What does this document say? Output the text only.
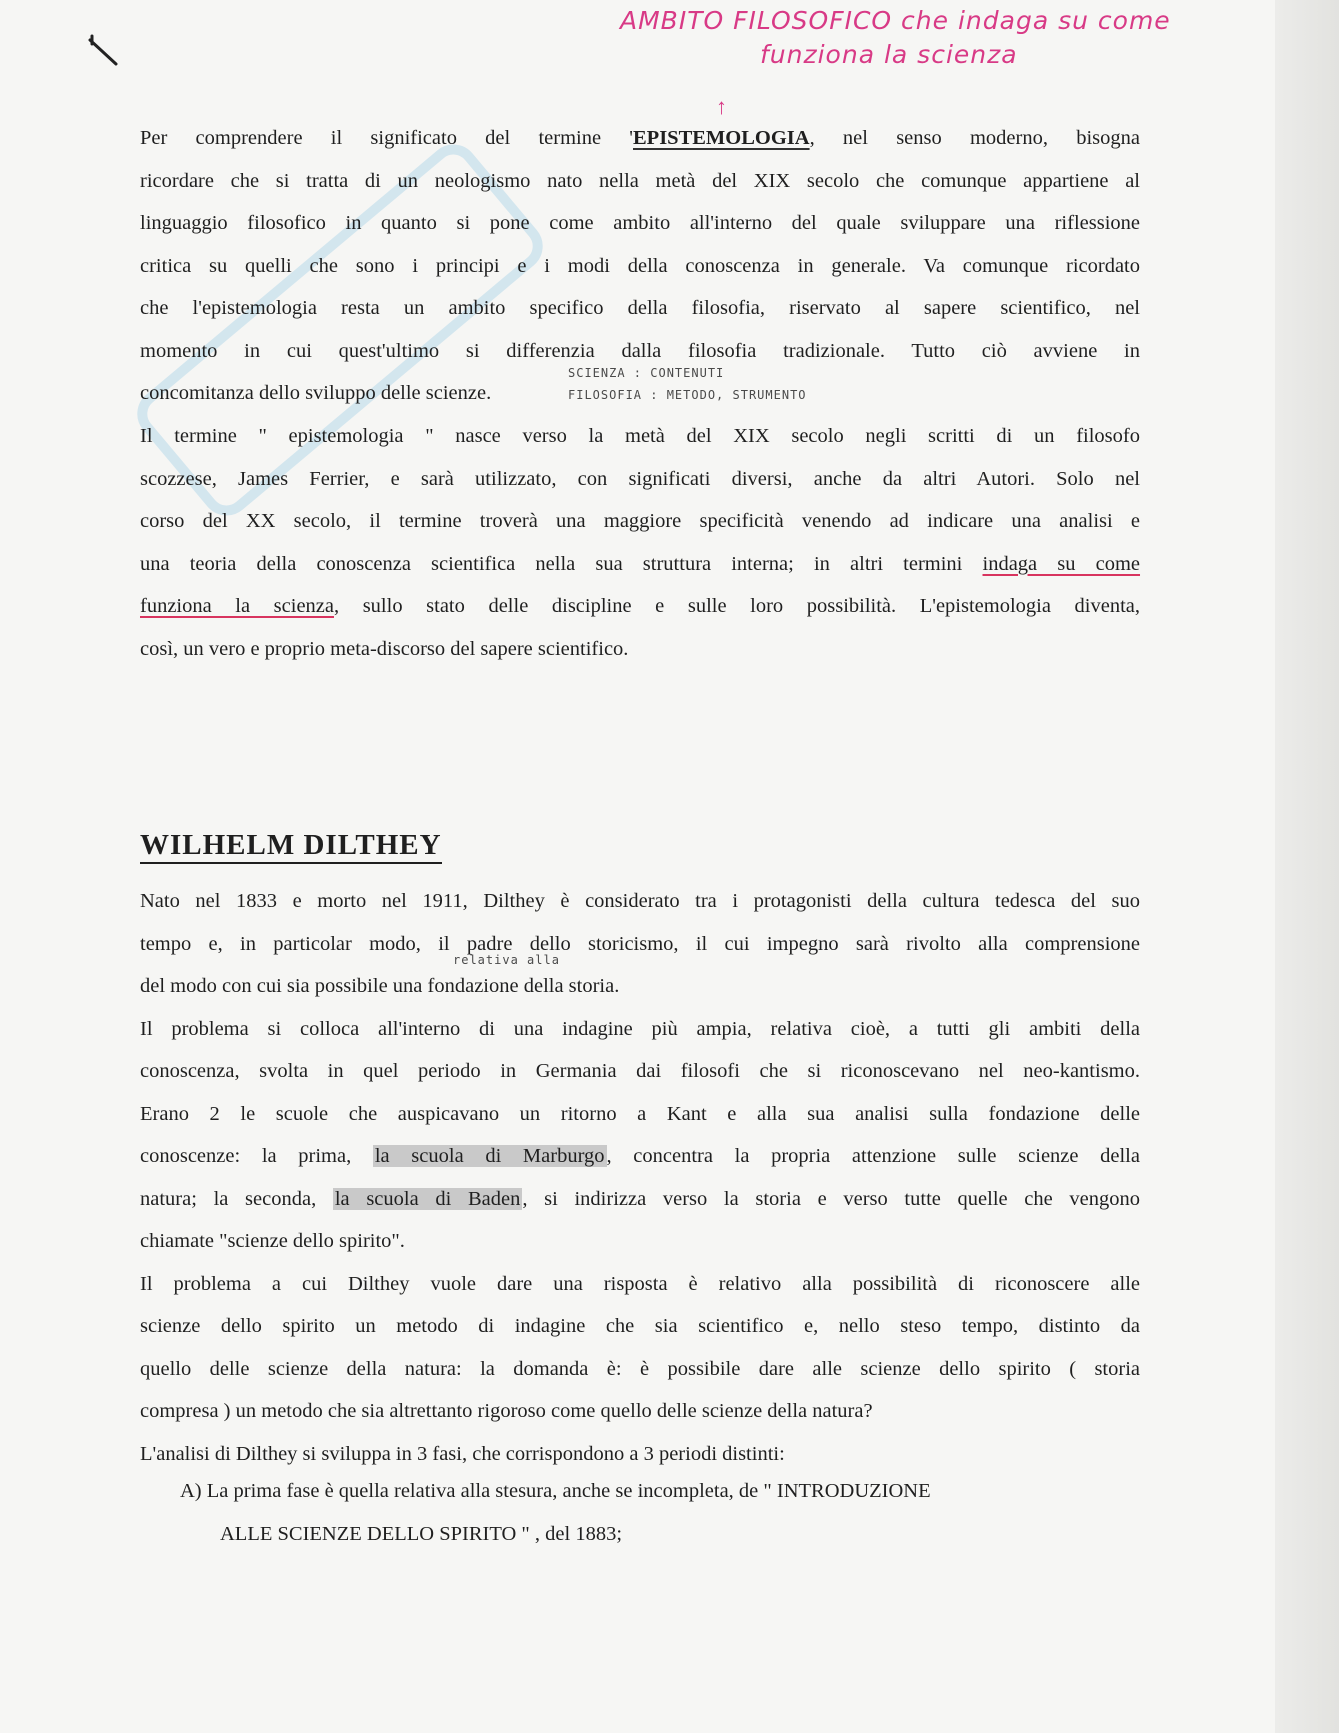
AMBITO FILOSOFICO che indaga su come
funziona la scienza
↑
Per comprendere il significato del termine 'EPISTEMOLOGIA, nel senso moderno, bisogna
ricordare che si tratta di un neologismo nato nella metà del XIX secolo che comunque appartiene al
linguaggio filosofico in quanto si pone come ambito all'interno del quale sviluppare una riflessione
critica su quelli che sono i principi e i modi della conoscenza in generale. Va comunque ricordato
che l'epistemologia resta un ambito specifico della filosofia, riservato al sapere scientifico, nel
momento in cui quest'ultimo si differenzia dalla filosofia tradizionale. Tutto ciò avviene in
concomitanza dello sviluppo delle scienze.
SCIENZA : CONTENUTI
FILOSOFIA : METODO, STRUMENTO
Il termine " epistemologia " nasce verso la metà del XIX secolo negli scritti di un filosofo
scozzese, James Ferrier, e sarà utilizzato, con significati diversi, anche da altri Autori. Solo nel
corso del XX secolo, il termine troverà una maggiore specificità venendo ad indicare una analisi e
una teoria della conoscenza scientifica nella sua struttura interna; in altri termini indaga su come
funziona la scienza, sullo stato delle discipline e sulle loro possibilità. L'epistemologia diventa,
così, un vero e proprio meta-discorso del sapere scientifico.
WILHELM DILTHEY
Nato nel 1833 e morto nel 1911, Dilthey è considerato tra i protagonisti della cultura tedesca del suo
tempo e, in particolar modo, il padre dello storicismo, il cui impegno sarà rivolto alla comprensione
del modo con cui sia possibile una fondazione della storia.
Il problema si colloca all'interno di una indagine più ampia, relativa cioè, a tutti gli ambiti della
conoscenza, svolta in quel periodo in Germania dai filosofi che si riconoscevano nel neo-kantismo.
Erano 2 le scuole che auspicavano un ritorno a Kant e alla sua analisi sulla fondazione delle
conoscenze: la prima, la scuola di Marburgo, concentra la propria attenzione sulle scienze della
natura; la seconda, la scuola di Baden, si indirizza verso la storia e verso tutte quelle che vengono
chiamate "scienze dello spirito".
Il problema a cui Dilthey vuole dare una risposta è relativo alla possibilità di riconoscere alle
scienze dello spirito un metodo di indagine che sia scientifico e, nello steso tempo, distinto da
quello delle scienze della natura: la domanda è: è possibile dare alle scienze dello spirito ( storia
compresa ) un metodo che sia altrettanto rigoroso come quello delle scienze della natura?
L'analisi di Dilthey si sviluppa in 3 fasi, che corrispondono a 3 periodi distinti:
relativa alla
A) La prima fase è quella relativa alla stesura, anche se incompleta, de " INTRODUZIONE
ALLE SCIENZE DELLO SPIRITO " , del 1883;
